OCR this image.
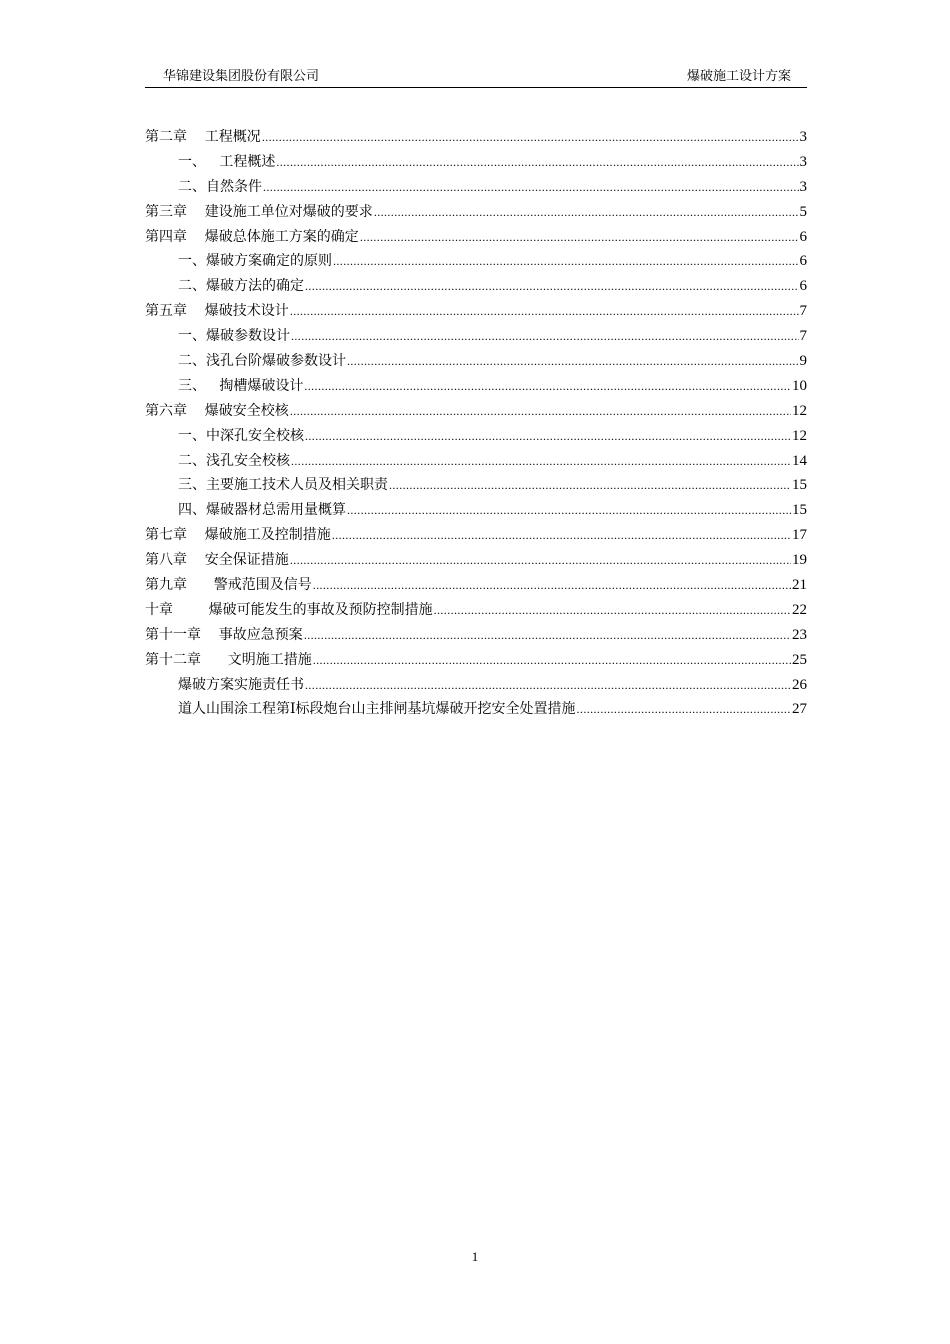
华锦建设集团股份有限公司	爆破施工设计方案
第二章    工程概况 .....	3
一、   工程概述 .....	3
二、自然条件 .....	3
第三章    建设施工单位对爆破的要求 .....	5
第四章    爆破总体施工方案的确定 .....	6
一、爆破方案确定的原则 .....	6
二、爆破方法的确定 .....	6
第五章    爆破技术设计 .....	7
一、爆破参数设计 .....	7
二、浅孔台阶爆破参数设计 .....	9
三、   掏槽爆破设计 .....	10
第六章    爆破安全校核 .....	12
一、中深孔安全校核 .....	12
二、浅孔安全校核 .....	14
三、主要施工技术人员及相关职责 .....	15
四、爆破器材总需用量概算 .....	15
第七章    爆破施工及控制措施 .....	17
第八章    安全保证措施 .....	19
第九章      警戒范围及信号 .....	21
十章        爆破可能发生的事故及预防控制措施 .....	22
第十一章    事故应急预案 .....	23
第十二章      文明施工措施 .....	25
爆破方案实施责任书 .....	26
道人山围涂工程第Ⅰ标段炮台山主排闸基坑爆破开挖安全处置措施 .....	27
1
